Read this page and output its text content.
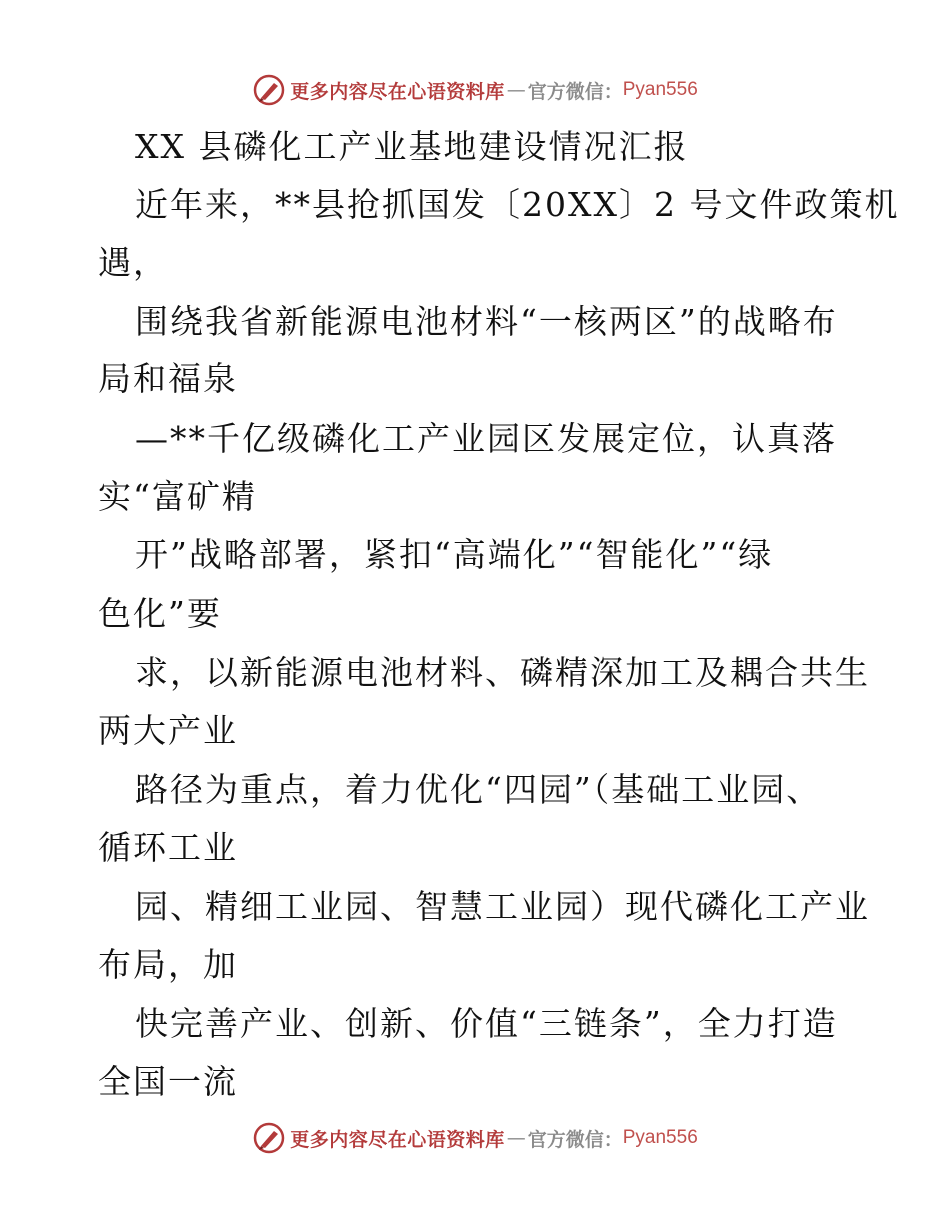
更多内容尽在心语资料库 — 官方微信： Pyan556
XX 县磷化工产业基地建设情况汇报
近年来，**县抢抓国发〔20XX〕2 号文件政策机
遇，
围绕我省新能源电池材料“一核两区”的战略布
局和福泉
—**千亿级磷化工产业园区发展定位，认真落
实“富矿精
开”战略部署，紧扣“高端化”“智能化”“绿
色化”要
求，以新能源电池材料、磷精深加工及耦合共生
两大产业
路径为重点，着力优化“四园”（基础工业园、
循环工业
园、精细工业园、智慧工业园）现代磷化工产业
布局，加
快完善产业、创新、价值“三链条”，全力打造
全国一流
更多内容尽在心语资料库 — 官方微信： Pyan556
